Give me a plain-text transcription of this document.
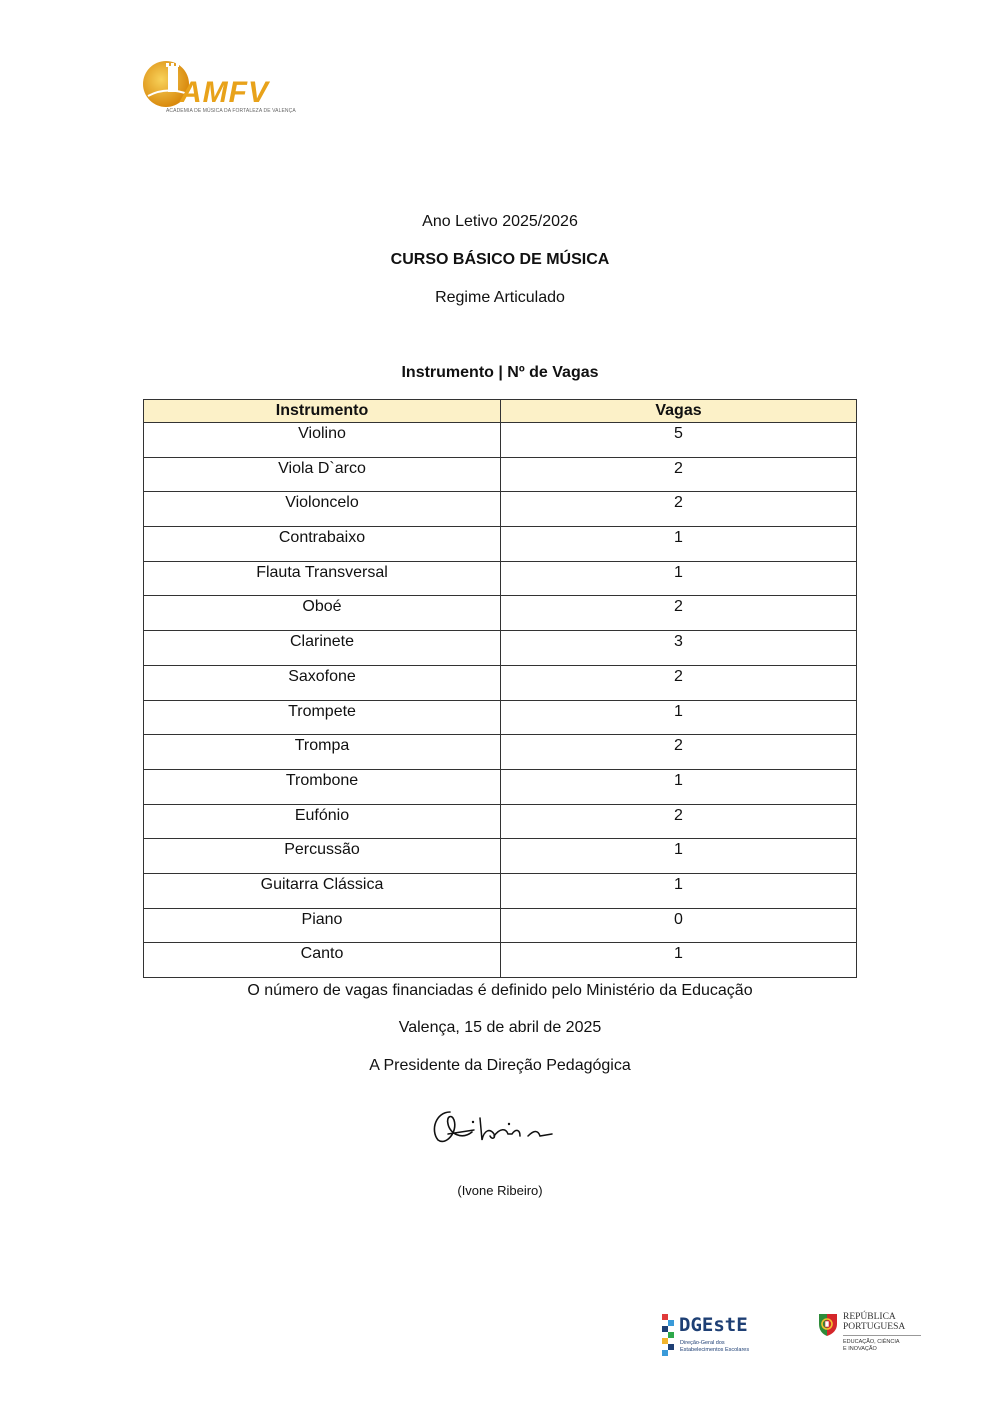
AMFV
ACADEMIA DE MÚSICA DA FORTALEZA DE VALENÇA
Ano Letivo 2025/2026
CURSO BÁSICO DE MÚSICA
Regime Articulado
Instrumento | Nº de Vagas
Instrumento	Vagas
Violino	5
Viola D`arco	2
Violoncelo	2
Contrabaixo	1
Flauta Transversal	1
Oboé	2
Clarinete	3
Saxofone	2
Trompete	1
Trompa	2
Trombone	1
Eufónio	2
Percussão	1
Guitarra Clássica	1
Piano	0
Canto	1
O número de vagas financiadas é definido pelo Ministério da Educação
Valença, 15 de abril de 2025
A Presidente da Direção Pedagógica
(Ivone Ribeiro)
DGEstE
Direção-Geral dos
Estabelecimentos Escolares
REPÚBLICA
PORTUGUESA
EDUCAÇÃO, CIÊNCIA
E INOVAÇÃO
